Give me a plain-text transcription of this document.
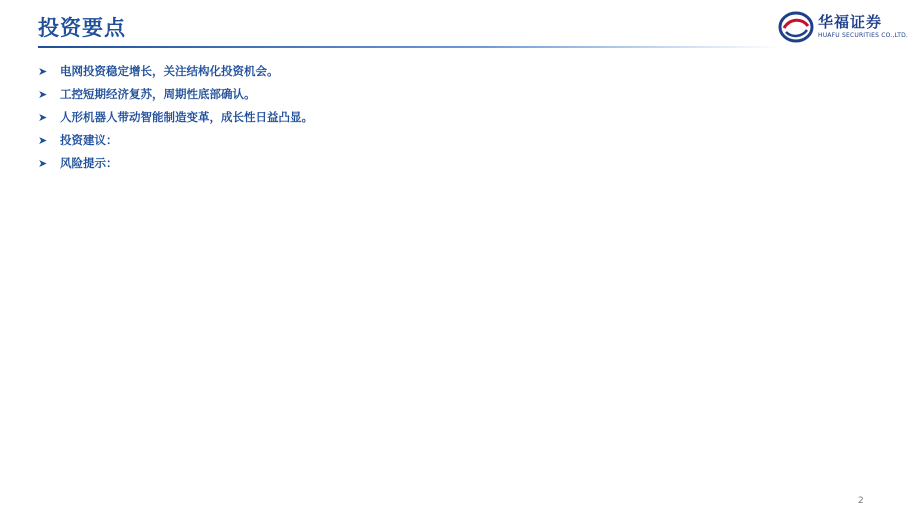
投资要点	华福证券
HUAFU SECURITIES CO.,LTD.
➤ 电网投资稳定增长，关注结构化投资机会。
➤ 工控短期经济复苏，周期性底部确认。
➤ 人形机器人带动智能制造变革，成长性日益凸显。
➤ 投资建议：
➤ 风险提示：
2
